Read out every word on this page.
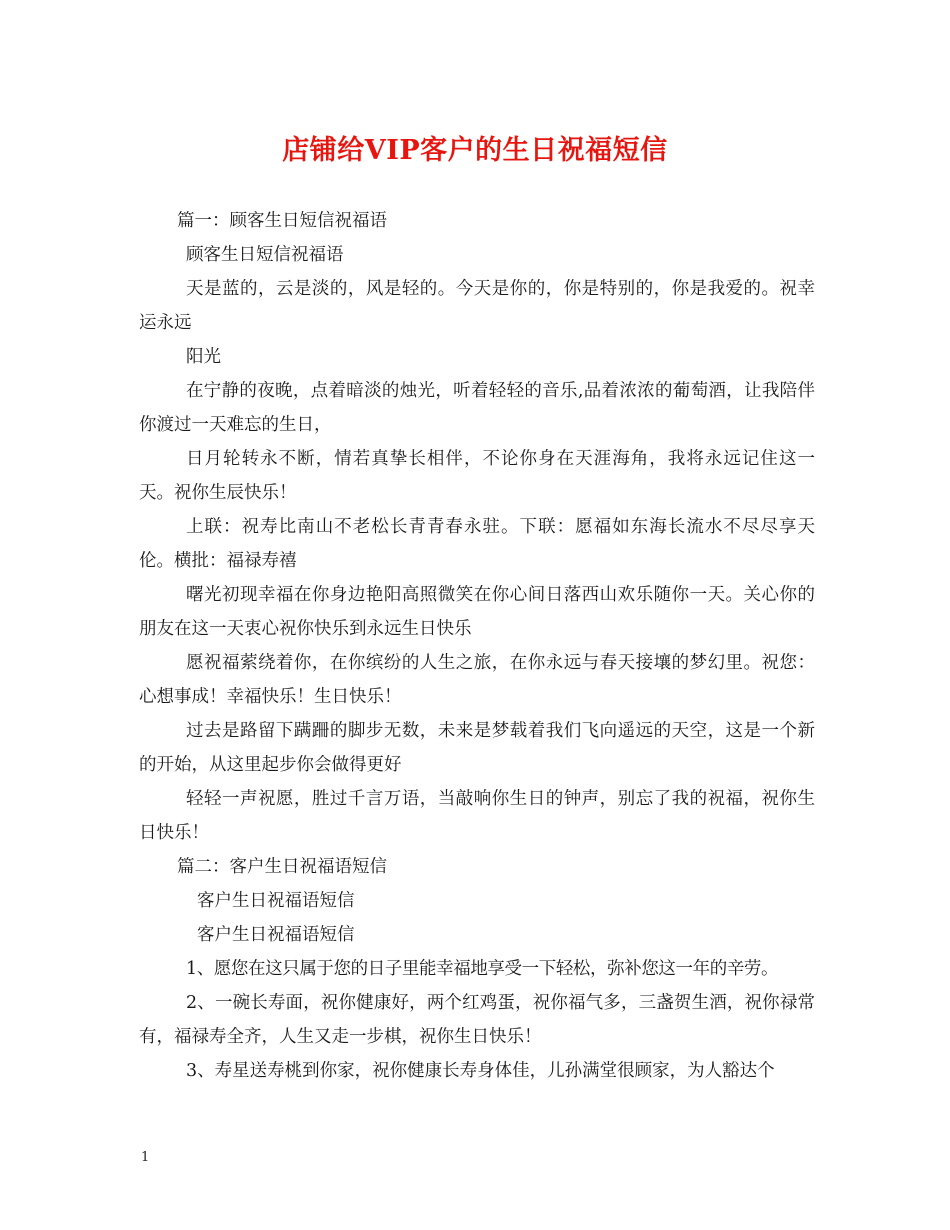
店铺给VIP客户的生日祝福短信

篇一：顾客生日短信祝福语

顾客生日短信祝福语

天是蓝的，云是淡的，风是轻的。今天是你的，你是特别的，你是我爱的。祝幸运永远

阳光

在宁静的夜晚，点着暗淡的烛光，听着轻轻的音乐,品着浓浓的葡萄酒，让我陪伴你渡过一天难忘的生日，

日月轮转永不断，情若真挚长相伴，不论你身在天涯海角，我将永远记住这一天。祝你生辰快乐！

上联：祝寿比南山不老松长青青春永驻。下联：愿福如东海长流水不尽尽享天伦。横批：福禄寿禧

曙光初现幸福在你身边艳阳高照微笑在你心间日落西山欢乐随你一天。关心你的朋友在这一天衷心祝你快乐到永远生日快乐

愿祝福萦绕着你，在你缤纷的人生之旅，在你永远与春天接壤的梦幻里。祝您：心想事成！幸福快乐！生日快乐！

过去是路留下蹒跚的脚步无数，未来是梦载着我们飞向遥远的天空，这是一个新的开始，从这里起步你会做得更好

轻轻一声祝愿，胜过千言万语，当敲响你生日的钟声，别忘了我的祝福，祝你生日快乐！

篇二：客户生日祝福语短信

客户生日祝福语短信

客户生日祝福语短信

1、愿您在这只属于您的日子里能幸福地享受一下轻松，弥补您这一年的辛劳。

2、一碗长寿面，祝你健康好，两个红鸡蛋，祝你福气多，三盏贺生酒，祝你禄常有，福禄寿全齐，人生又走一步棋，祝你生日快乐！

3、寿星送寿桃到你家，祝你健康长寿身体佳，儿孙满堂很顾家，为人豁达个

1
